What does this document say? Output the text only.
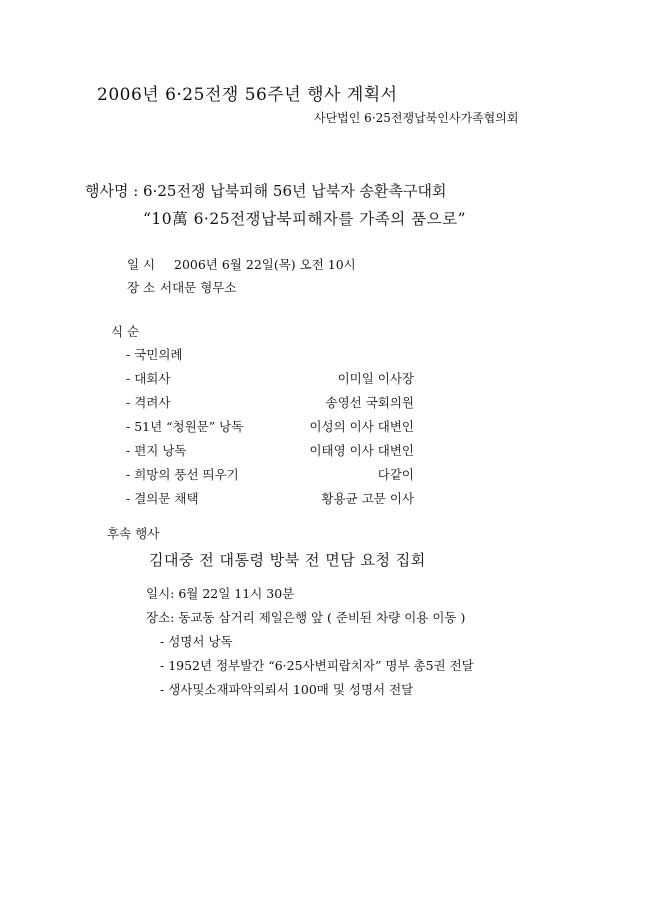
2006년 6·25전쟁 56주년 행사 계획서
사단법인 6·25전쟁납북인사가족협의회
행사명 : 6·25전쟁 납북피해 56년 납북자 송환촉구대회
“10萬 6·25전쟁납북피해자를 가족의 품으로”
일 시 2006년 6월 22일(목) 오전 10시
장 소 서대문 형무소
식 순
- 국민의례
- 대회사	이미일 이사장
- 격려사	송영선 국회의원
- 51년 “청원문” 낭독	이성의 이사 대변인
- 편지 낭독	이태영 이사 대변인
- 희망의 풍선 띄우기	다같이
- 결의문 채택	황용균 고문 이사
후속 행사
김대중 전 대통령 방북 전 면담 요청 집회
일시: 6월 22일 11시 30분
장소: 동교동 삼거리 제일은행 앞 ( 준비된 차량 이용 이동 )
- 성명서 낭독
- 1952년 정부발간 “6·25사변피랍치자” 명부 총5권 전달
- 생사및소재파악의뢰서 100매 및 성명서 전달
